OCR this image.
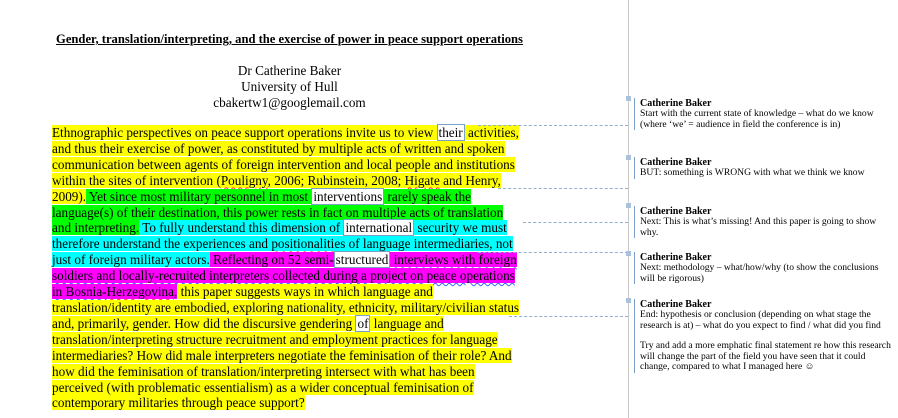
Gender, translation/interpreting, and the exercise of power in peace support operations
Dr Catherine Baker
University of Hull
cbakertw1@googlemail.com
Ethnographic perspectives on peace support operations invite us to view their activities, and thus their exercise of power, as constituted by multiple acts of written and spoken communication between agents of foreign intervention and local people and institutions within the sites of intervention (Pouligny, 2006; Rubinstein, 2008; Higate and Henry, 2009). Yet since most military personnel in most interventions rarely speak the language(s) of their destination, this power rests in fact on multiple acts of translation and interpreting. To fully understand this dimension of international security we must therefore understand the experiences and positionalities of language intermediaries, not just of foreign military actors. Reflecting on 52 semi- structured interviews with foreign soldiers and locally-recruited interpreters collected during a project on peace operations in Bosnia-Herzegovina, this paper suggests ways in which language and translation/identity are embodied, exploring nationality, ethnicity, military/civilian status and, primarily, gender. How did the discursive gendering of language and translation/interpreting structure recruitment and employment practices for language intermediaries? How did male interpreters negotiate the feminisation of their role? And how did the feminisation of translation/interpreting intersect with what has been perceived (with problematic essentialism) as a wider conceptual feminisation of contemporary militaries through peace support?
Catherine Baker
Start with the current state of knowledge – what do we know (where ‘we’ = audience in field the conference is in)
Catherine Baker
BUT: something is WRONG with what we think we know
Catherine Baker
Next: This is what’s missing! And this paper is going to show why.
Catherine Baker
Next: methodology – what/how/why (to show the conclusions will be rigorous)
Catherine Baker
End: hypothesis or conclusion (depending on what stage the research is at) – what do you expect to find / what did you find
Try and add a more emphatic final statement re how this research will change the part of the field you have seen that it could change, compared to what I managed here ☺
